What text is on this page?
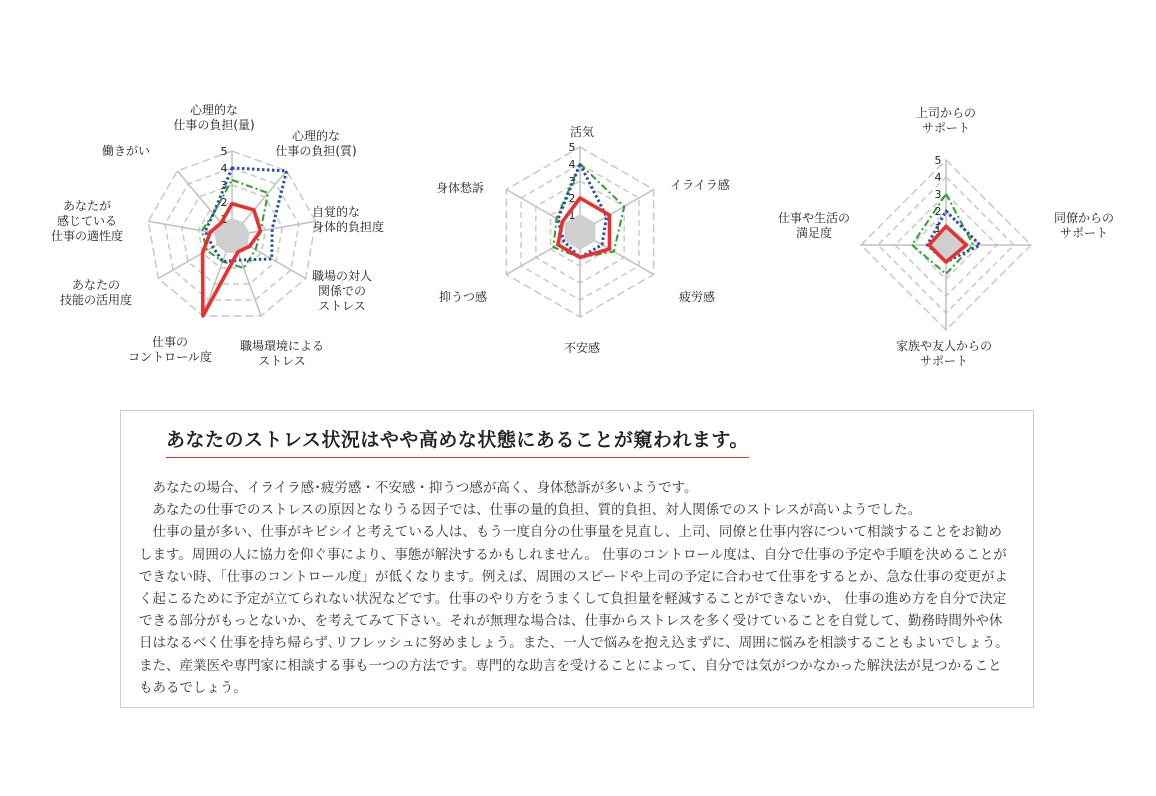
1
2
3
4
5
心理的な仕事の負担(量)
心理的な仕事の負担(質)
自覚的な身体的負担度
職場の対人関係でのストレス
職場環境によるストレス
仕事のコントロール度
あなたの技能の活用度
あなたが感じている仕事の適性度
働きがい
1
2
3
4
5
活気
イライラ感
疲労感
不安感
抑うつ感
身体愁訴
1
2
3
4
5
上司からのサポート
同僚からのサポート
家族や友人からのサポート
仕事や生活の満足度
あなたのストレス状況はやや高めな状態にあることが窺われます。

あなたの場合、イライラ感･疲労感・不安感・抑うつ感が高く、身体愁訴が多いようです。

あなたの仕事でのストレスの原因となりうる因子では、仕事の量的負担、質的負担、対人関係でのストレスが高いようでした。

仕事の量が多い、仕事がキビシイと考えている人は、もう一度自分の仕事量を見直し、上司、同僚と仕事内容について相談することをお勧めします。周囲の人に協力を仰ぐ事により、事態が解決するかもしれません。 仕事のコントロール度は、自分で仕事の予定や手順を決めることができない時、「仕事のコントロール度」が低くなります。例えば、周囲のスピードや上司の予定に合わせて仕事をするとか、急な仕事の変更がよく起こるために予定が立てられない状況などです。仕事のやり方をうまくして負担量を軽減することができないか、 仕事の進め方を自分で決定できる部分がもっとないか、を考えてみて下さい。それが無理な場合は、仕事からストレスを多く受けていることを自覚して、勤務時間外や休日はなるべく仕事を持ち帰らず､リフレッシュに努めましょう。また、一人で悩みを抱え込まずに、周囲に悩みを相談することもよいでしょう。また、産業医や専門家に相談する事も一つの方法です。専門的な助言を受けることによって、自分では気がつかなかった解決法が見つかることもあるでしょう。
